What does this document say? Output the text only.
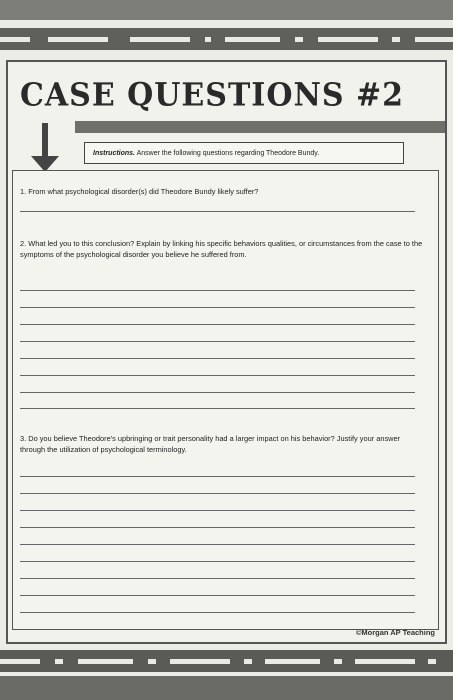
CASE QUESTIONS #2
Instructions. Answer the following questions regarding Theodore Bundy.
1. From what psychological disorder(s) did Theodore Bundy likely suffer?
2. What led you to this conclusion? Explain by linking his specific behaviors qualities, or circumstances from the case to the symptoms of the psychological disorder you believe he suffered from.
3. Do you believe Theodore's upbringing or trait personality had a larger impact on his behavior? Justify your answer through the utilization of psychological terminology.
©Morgan AP Teaching
